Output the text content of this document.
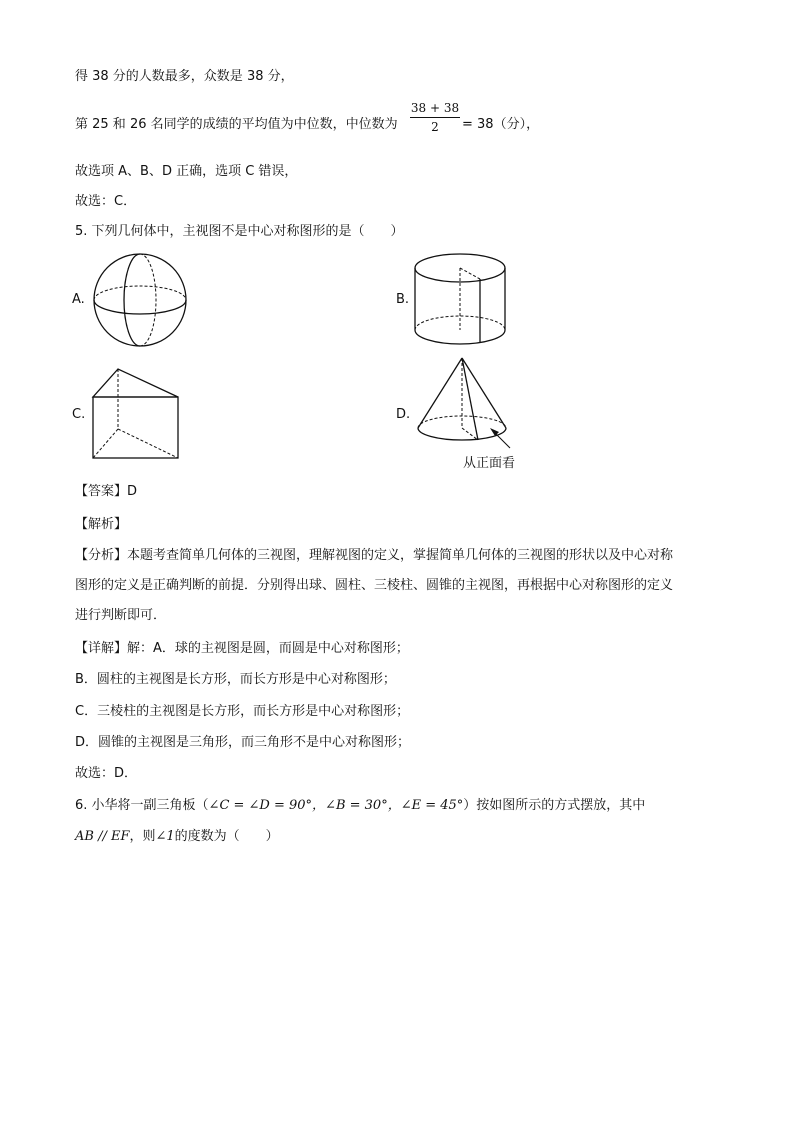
得 38 分的人数最多，众数是 38 分，
第 25 和 26 名同学的成绩的平均值为中位数，中位数为
38 + 38
2	= 38（分），
故选项 A、B、D 正确，选项 C 错误，
故选：C．
5. 下列几何体中，主视图不是中心对称图形的是（　　）
A.	B.
C.	D.
从正面看
【答案】D
【解析】
【分析】本题考查简单几何体的三视图，理解视图的定义，掌握简单几何体的三视图的形状以及中心对称
图形的定义是正确判断的前提．分别得出球、圆柱、三棱柱、圆锥的主视图，再根据中心对称图形的定义
进行判断即可．
【详解】解：A．球的主视图是圆，而圆是中心对称图形；
B．圆柱的主视图是长方形，而长方形是中心对称图形；
C．三棱柱的主视图是长方形，而长方形是中心对称图形；
D．圆锥的主视图是三角形，而三角形不是中心对称图形；
故选：D．
6. 小华将一副三角板（∠C = ∠D = 90°，∠B = 30°，∠E = 45°）按如图所示的方式摆放，其中
AB // EF，则∠1的度数为（　　）
